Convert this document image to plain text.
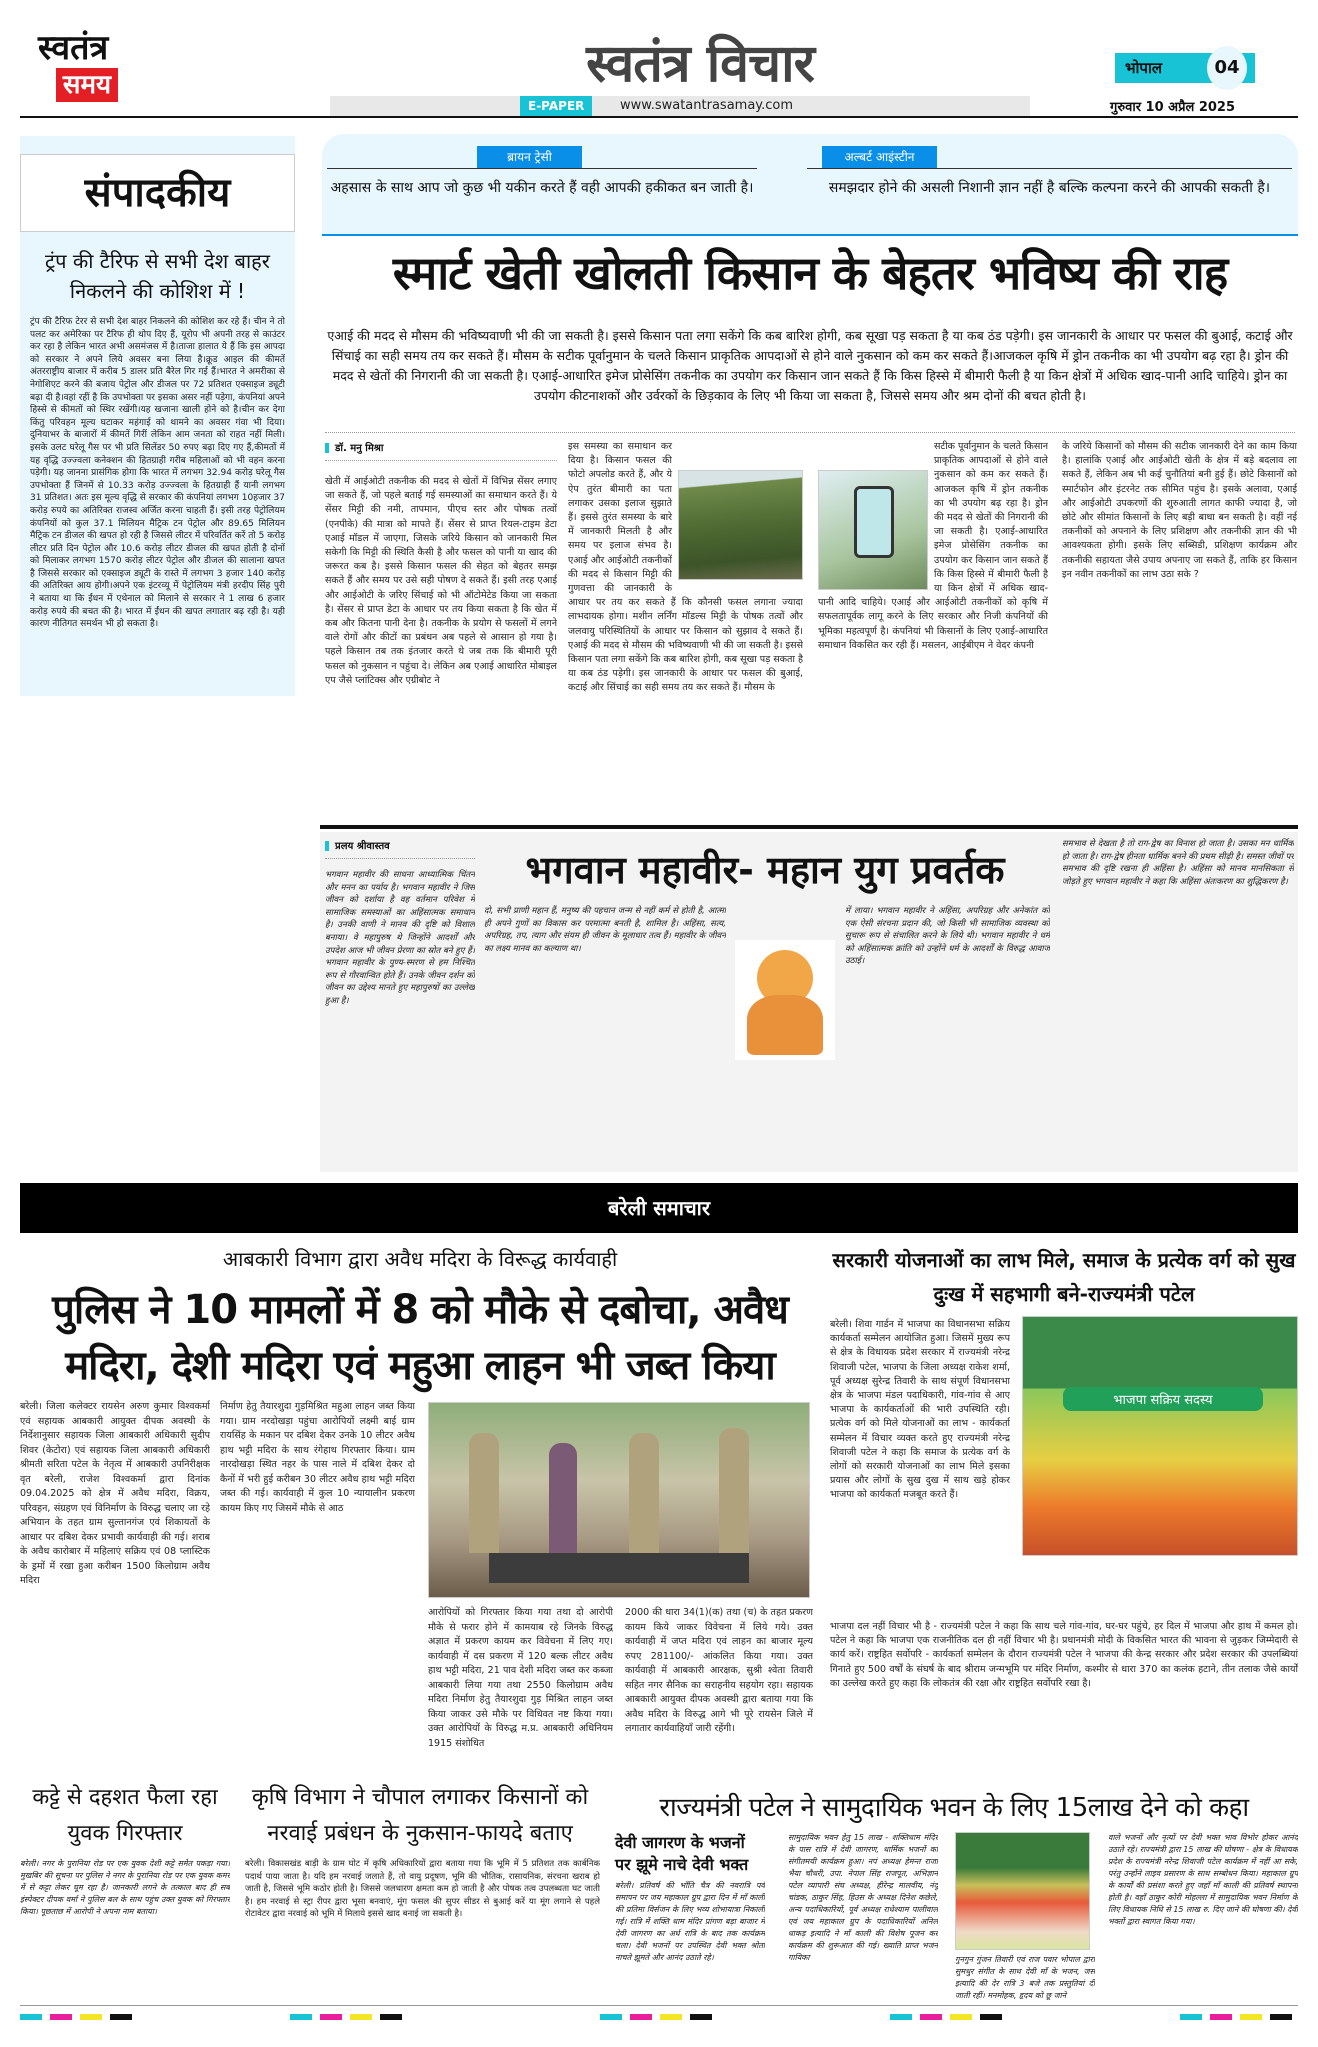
स्वतंत्र
समय	स्वतंत्र विचार
E-PAPER	www.swatantrasamay.com
भोपाल	04
गुरुवार 10 अप्रैल 2025
संपादकीय
ट्रंप की टैरिफ से सभी देश बाहर निकलने की कोशिश में !

ट्रंप की टैरिफ टेरर से सभी देश बाहर निकलने की कोशिश कर रहे हैं। चीन ने तो पलट कर अमेरिका पर टैरिफ ही थोप दिए हैं, यूरोप भी अपनी तरह से काउंटर कर रहा है लेकिन भारत अभी असमंजस में है।ताजा हालात ये हैं कि इस आपदा को सरकार ने अपने लिये अवसर बना लिया है।क्रूड आइल की कीमतें अंतरराष्ट्रीय बाजार में करीब 5 डालर प्रति बैरेल गिर गई हैं।भारत ने अमरीका से नेगोशिएट करने की बजाय पेट्रोल और डीजल पर 72 प्रतिशत एक्साइज ड्यूटी बढ़ा दी है।वहां रहीं है कि उपभोक्ता पर इसका असर नहीं पड़ेगा, कंपनियां अपने हिस्से से कीमतों को स्थिर रखेंगी।यह खजाना खाली होने को है।चीन कर देगा किंतु परिवहन मूल्य घटाकर महंगाई को थामने का अवसर गंवा भी दिया।दुनियाभर के बाजारों में कीमतें गिरीं लेकिन आम जनता को राहत नहीं मिली।इसके उलट घरेलू गैस पर भी प्रति सिलेंडर 50 रुपए बढ़ा दिए गए हैं,कीमतों में यह वृद्धि उज्ज्वला कनेक्शन की हितग्राही गरीब महिलाओं को भी वहन करना पड़ेगी। यह जानना प्रासंगिक होगा कि भारत में लगभग 32.94 करोड़ घरेलू गैस उपभोक्ता हैं जिनमें से 10.33 करोड़ उज्ज्वला के हितग्राही हैं यानी लगभग 31 प्रतिशत। अतः इस मूल्य वृद्धि से सरकार की कंपनियां लगभग 10हजार 37 करोड़ रुपये का अतिरिक्त राजस्व अर्जित करना चाहती हैं। इसी तरह पेट्रोलियम कंपनियों को कुल 37.1 मिलियन मैट्रिक टन पेट्रोल और 89.65 मिलियन मैट्रिक टन डीजल की खपत हो रही है जिससे लीटर में परिवर्तित करें तो 5 करोड़ लीटर प्रति दिन पेट्रोल और 10.6 करोड़ लीटर डीजल की खपत होती है दोनों को मिलाकर लगभग 1570 करोड़ लीटर पेट्रोल और डीजल की सालाना खपत है जिससे सरकार को एक्साइज ड्यूटी के रास्ते में लगभग 3 हजार 140 करोड़ की अतिरिक्त आय होगी।अपने एक इंटरव्यू में पेट्रोलियम मंत्री हरदीप सिंह पुरी ने बताया था कि ईंधन में एथेनाल को मिलाने से सरकार ने 1 लाख 6 हजार करोड़ रुपये की बचत की है। भारत में ईंधन की खपत लगातार बढ़ रही है। यही कारण नीतिगत समर्थन भी हो सकता है।

ब्रायन ट्रेसी
अहसास के साथ आप जो कुछ भी यकीन करते हैं वही आपकी हकीकत बन जाती है।
अल्बर्ट आइंस्टीन
समझदार होने की असली निशानी ज्ञान नहीं है बल्कि कल्पना करने की आपकी सकती है।
स्मार्ट खेती खोलती किसान के बेहतर भविष्य की राह
एआई की मदद से मौसम की भविष्यवाणी भी की जा सकती है। इससे किसान पता लगा सकेंगे कि कब बारिश होगी, कब सूखा पड़ सकता है या कब ठंड पड़ेगी। इस जानकारी के आधार पर फसल की बुआई, कटाई और सिंचाई का सही समय तय कर सकते हैं। मौसम के सटीक पूर्वानुमान के चलते किसान प्राकृतिक आपदाओं से होने वाले नुकसान को कम कर सकते हैं।आजकल कृषि में ड्रोन तकनीक का भी उपयोग बढ़ रहा है। ड्रोन की मदद से खेतों की निगरानी की जा सकती है। एआई-आधारित इमेज प्रोसेसिंग तकनीक का उपयोग कर किसान जान सकते हैं कि किस हिस्से में बीमारी फैली है या किन क्षेत्रों में अधिक खाद-पानी आदि चाहिये। ड्रोन का उपयोग कीटनाशकों और उर्वरकों के छिड़काव के लिए भी किया जा सकता है, जिससे समय और श्रम दोनों की बचत होती है।
डॉ. मनु मिश्रा

खेती में आईओटी तकनीक की मदद से खेतों में विभिन्न सेंसर लगाए जा सकते हैं, जो पहले बताई गई समस्याओं का समाधान करते हैं। ये सेंसर मिट्टी की नमी, तापमान, पीएच स्तर और पोषक तत्वों (एनपीके) की मात्रा को मापते हैं। सेंसर से प्राप्त रियल-टाइम डेटा एआई मॉडल में जाएगा, जिसके जरिये किसान को जानकारी मिल सकेगी कि मिट्टी की स्थिति कैसी है और फसल को पानी या खाद की जरूरत कब है। इससे किसान फसल की सेहत को बेहतर समझ सकते हैं और समय पर उसे सही पोषण दे सकते हैं। इसी तरह एआई और आईओटी के जरिए सिंचाई को भी ऑटोमेटेड किया जा सकता है। सेंसर से प्राप्त डेटा के आधार पर तय किया सकता है कि खेत में कब और कितना पानी देना है। तकनीक के प्रयोग से फसलों में लगने वाले रोगों और कीटों का प्रबंधन अब पहले से आसान हो गया है। पहले किसान तब तक इंतजार करते थे जब तक कि बीमारी पूरी फसल को नुकसान न पहुंचा दे। लेकिन अब एआई आधारित मोबाइल एप जैसे प्लांटिक्स और एग्रीबोट ने

इस समस्या का समाधान कर दिया है। किसान फसल की फोटो अपलोड करते हैं, और ये ऐप तुरंत बीमारी का पता लगाकर उसका इलाज सुझाते हैं। इससे तुरंत समस्या के बारे में जानकारी मिलती है और समय पर इलाज संभव है।एआई और आईओटी तकनीकों की मदद से किसान मिट्टी की गुणवत्ता की जानकारी के आधार पर तय कर सकते हैं कि कौनसी फसल लगाना ज्यादा लाभदायक होगा। मशीन लर्निंग मॉडल्स मिट्टी के पोषक तत्वों और जलवायु परिस्थितियों के आधार पर किसान को सुझाव दे सकते हैं। एआई की मदद से मौसम की भविष्यवाणी भी की जा सकती है। इससे किसान पता लगा सकेंगे कि कब बारिश होगी, कब सूखा पड़ सकता है या कब ठंड पड़ेगी। इस जानकारी के आधार पर फसल की बुआई, कटाई और सिंचाई का सही समय तय कर सकते हैं। मौसम के

सटीक पूर्वानुमान के चलते किसान प्राकृतिक आपदाओं से होने वाले नुकसान को कम कर सकते हैं। आजकल कृषि में ड्रोन तकनीक का भी उपयोग बढ़ रहा है। ड्रोन की मदद से खेतों की निगरानी की जा सकती है। एआई-आधारित इमेज प्रोसेसिंग तकनीक का उपयोग कर किसान जान सकते हैं कि किस हिस्से में बीमारी फैली है या किन क्षेत्रों में अधिक खाद-पानी आदि चाहिये। एआई और आईओटी तकनीकों को कृषि में सफलतापूर्वक लागू करने के लिए सरकार और निजी कंपनियों की भूमिका महत्वपूर्ण है। कंपनियां भी किसानों के लिए एआई-आधारित समाधान विकसित कर रही हैं। मसलन, आईबीएम ने वेदर कंपनी

के जरिये किसानों को मौसम की सटीक जानकारी देने का काम किया है। हालांकि एआई और आईओटी खेती के क्षेत्र में बड़े बदलाव ला सकते हैं, लेकिन अब भी कई चुनौतियां बनी हुई हैं। छोटे किसानों को स्मार्टफोन और इंटरनेट तक सीमित पहुंच है। इसके अलावा, एआई और आईओटी उपकरणों की शुरुआती लागत काफी ज्यादा है, जो छोटे और सीमांत किसानों के लिए बड़ी बाधा बन सकती है। वहीं नई तकनीकों को अपनाने के लिए प्रशिक्षण और तकनीकी ज्ञान की भी आवश्यकता होगी। इसके लिए सब्सिडी, प्रशिक्षण कार्यक्रम और तकनीकी सहायता जैसे उपाय अपनाए जा सकते हैं, ताकि हर किसान इन नवीन तकनीकों का लाभ उठा सके ?

प्रलय श्रीवास्तव

भगवान महावीर की साधना आध्यात्मिक चिंतन और मनन का पर्याय है। भगवान महावीर ने जिस जीवन को दर्शाया है वह वर्तमान परिवेश में सामाजिक समस्याओं का अहिंसात्मक समाधान है। उनकी वाणी ने मानव की दृष्टि को विशाल बनाया। वे महापुरुष थे जिन्होंने आदर्शों और उपदेश आज भी जीवन प्रेरणा का स्रोत बने हुए हैं। भगवान महावीर के पुण्य-स्मरण से हम निश्चित रूप से गौरवान्वित होते हैं। उनके जीवन दर्शन को जीवन का उद्देश्य मानते हुए महापुरुषों का उल्लेख हुआ है।

भगवान महावीर- महान युग प्रवर्तक

दो, सभी प्राणी महान हैं, मनुष्य की पहचान जन्म से नहीं कर्म से होती है, आत्मा ही अपने गुणों का विकास कर परमात्मा बनती है, शामिल है। अहिंसा, सत्य, अपरिग्रह, तप, त्याग और संयम ही जीवन के मूलाधार तत्व हैं। महावीर के जीवन का लक्ष्य मानव का कल्याण था।

में लाया। भगवान महावीर ने अहिंसा, अपरिग्रह और अनेकांत को एक ऐसी संरचना प्रदान की, जो किसी भी सामाजिक व्यवस्था को सुचारू रूप से संचालित करने के लिये थी। भगवान महावीर ने धर्म को अहिंसात्मक क्रांति को उन्होंने धर्म के आदर्शों के विरुद्ध आवाज उठाई।

समभाव से देखता है तो राग-द्वेष का विनाश हो जाता है। उसका मन धार्मिक हो जाता है। राग-द्वेष हीनता धार्मिक बनने की प्रथम सीढ़ी है। समस्त जीवों पर समभाव की दृष्टि रखना ही अहिंसा है। अहिंसा को मानव मानसिकता से जोड़ते हुए भगवान महावीर ने कहा कि अहिंसा अंतःकरण का शुद्धिकरण है।

बरेली समाचार
आबकारी विभाग द्वारा अवैध मदिरा के विरूद्ध कार्यवाही
पुलिस ने 10 मामलों में 8 को मौके से दबोचा, अवैध मदिरा, देशी मदिरा एवं महुआ लाहन भी जब्त किया

बरेली। जिला कलेक्टर रायसेन अरुण कुमार विश्वकर्मा एवं सहायक आबकारी आयुक्त दीपक अवस्थी के निर्देशानुसार सहायक जिला आबकारी अधिकारी सुदीप शिवर (केटोरा) एवं सहायक जिला आबकारी अधिकारी श्रीमती सरिता पटेल के नेतृत्व में आबकारी उपनिरीक्षक वृत बरेली, राजेश विश्वकर्मा द्वारा दिनांक 09.04.2025 को क्षेत्र में अवैध मदिरा, विक्रय, परिवहन, संग्रहण एवं विनिर्माण के विरुद्ध चलाए जा रहे अभियान के तहत ग्राम सुल्तानगंज एवं शिकायतों के आधार पर दबिश देकर प्रभावी कार्यवाही की गई। शराब के अवैध कारोबार में महिलाएं सक्रिय एवं 08 प्लास्टिक के ड्रमों में रखा हुआ करीबन 1500 किलोग्राम अवैध मदिरा

निर्माण हेतु तैयारशुदा गुड़मिश्रित महुआ लाहन जब्त किया गया। ग्राम नरदोखड़ा पहुंचा आरोपियों लक्ष्मी बाई ग्राम रायसिंह के मकान पर दबिश देकर उनके 10 लीटर अवैध हाथ भट्टी मदिरा के साथ रंगेहाथ गिरफ्तार किया। ग्राम नारदोखड़ा स्थित नहर के पास नाले में दबिश देकर दो कैनों में भरी हुई करीबन 30 लीटर अवैध हाथ भट्टी मदिरा जब्त की गई। कार्यवाही में कुल 10 न्यायालीन प्रकरण कायम किए गए जिसमें मौके से आठ

आरोपियों को गिरफ्तार किया गया तथा दो आरोपी मौके से फरार होने में कामयाब रहे जिनके विरुद्ध अज्ञात में प्रकरण कायम कर विवेचना में लिए गए। कार्यवाही में दस प्रकरण में 120 बल्क लीटर अवैध हाथ भट्टी मदिरा, 21 पाव देशी मदिरा जब्त कर कब्जा आबकारी लिया गया तथा 2550 किलोग्राम अवैध मदिरा निर्माण हेतु तैयारशुदा गुड़ मिश्रित लाहन जब्त किया जाकर उसे मौके पर विधिवत नष्ट किया गया। उक्त आरोपियों के विरुद्ध म.प्र. आबकारी अधिनियम 1915 संशोधित

2000 की धारा 34(1)(क) तथा (च) के तहत प्रकरण कायम किये जाकर विवेचना में लिये गये। उक्त कार्यवाही में जप्त मदिरा एवं लाहन का बाजार मूल्य रुपए 281100/- आंकलित किया गया। उक्त कार्यवाही में आबकारी आरक्षक, सुश्री श्वेता तिवारी सहित नगर सैनिक का सराहनीय सहयोग रहा। सहायक आबकारी आयुक्त दीपक अवस्थी द्वारा बताया गया कि अवैध मदिरा के विरुद्ध आगे भी पूरे रायसेन जिले में लगातार कार्यवाहियाँ जारी रहेंगी।

सरकारी योजनाओं का लाभ मिले, समाज के प्रत्येक वर्ग को सुख दुःख में सहभागी बने-राज्यमंत्री पटेल

बरेली। शिवा गार्डन में भाजपा का विधानसभा सक्रिय कार्यकर्ता सम्मेलन आयोजित हुआ। जिसमें मुख्य रूप से क्षेत्र के विधायक प्रदेश सरकार में राज्यमंत्री नरेन्द्र शिवाजी पटेल, भाजपा के जिला अध्यक्ष राकेश शर्मा, पूर्व अध्यक्ष सुरेन्द्र तिवारी के साथ संपूर्ण विधानसभा क्षेत्र के भाजपा मंडल पदाधिकारी, गांव-गांव से आए भाजपा के कार्यकर्ताओं की भारी उपस्थिति रही। प्रत्येक वर्ग को मिले योजनाओं का लाभ - कार्यकर्ता सम्मेलन में विचार व्यक्त करते हुए राज्यमंत्री नरेन्द्र शिवाजी पटेल ने कहा कि समाज के प्रत्येक वर्ग के लोगों को सरकारी योजनाओं का लाभ मिले इसका प्रयास और लोगों के सुख दुख में साथ खड़े होकर भाजपा को कार्यकर्ता मजबूत करते हैं।

भाजपा सक्रिय सदस्य

भाजपा दल नहीं विचार भी है - राज्यमंत्री पटेल ने कहा कि साथ चले गांव-गांव, घर-घर पहुंचे, हर दिल में भाजपा और हाथ में कमल हो। पटेल ने कहा कि भाजपा एक राजनीतिक दल ही नहीं विचार भी है। प्रधानमंत्री मोदी के विकसित भारत की भावना से जुड़कर जिम्मेदारी से कार्य करें। राष्ट्रहित सर्वोपरि - कार्यकर्ता सम्मेलन के दौरान राज्यमंत्री पटेल ने भाजपा की केन्द्र सरकार और प्रदेश सरकार की उपलब्धियां गिनाते हुए 500 वर्षों के संघर्ष के बाद श्रीराम जन्मभूमि पर मंदिर निर्माण, कश्मीर से धारा 370 का कलंक हटाने, तीन तलाक जैसे कार्यों का उल्लेख करते हुए कहा कि लोकतंत्र की रक्षा और राष्ट्रहित सर्वोपरि रखा है।

कट्टे से दहशत फैला रहा युवक गिरफ्तार

बरेली। नगर के पुरानिया रोड पर एक युवक देशी कट्टे समेत पकड़ा गया। मुखबिर की सूचना पर पुलिस ने नगर के पुरानिया रोड पर एक युवक कमर में से कट्टा लेकर घूम रहा है। जानकारी लगने के तत्काल बाद ही सब इंस्पेक्टर दीपक वर्मा ने पुलिस बल के साथ पहुंच उक्त युवक को गिरफ्तार किया। पूछताछ में आरोपी ने अपना नाम बताया।

कृषि विभाग ने चौपाल लगाकर किसानों को नरवाई प्रबंधन के नुकसान-फायदे बताए

बरेली। विकासखंड बाड़ी के ग्राम घोट में कृषि अधिकारियों द्वारा बताया गया कि भूमि में 5 प्रतिशत तक कार्बनिक पदार्थ पाया जाता है। यदि हम नरवाई जलाते हैं, तो वायु प्रदूषण, भूमि की भौतिक, रासायनिक, संरचना खराब हो जाती है, जिससे भूमि कठोर होती है। जिससे जलधारण क्षमता कम हो जाती है और पोषक तत्व उपलब्धता घट जाती है। हम नरवाई से स्ट्रा रीपर द्वारा भूसा बनवाएं, मूंग फसल की सुपर सीडर से बुआई करें या मूंग लगाने से पहले रोटावेटर द्वारा नरवाई को भूमि में मिलाये इससे खाद बनाई जा सकती है।

राज्यमंत्री पटेल ने सामुदायिक भवन के लिए 15लाख देने को कहा
देवी जागरण के भजनों पर झूमे नाचे देवी भक्त

बरेली। प्रतिवर्ष की भाँति चैत्र की नवरात्रि पर्व समापन पर जय महाकाल ग्रुप द्वारा दिन में माँ काली की प्रतिमा विर्सजन के लिए भव्य शोभायात्रा निकाली गई। रात्रि में शक्ति धाम मंदिर प्रांगण बड़ा बाजार में देवी जागरण का अर्ध रात्रि के बाद तक कार्यक्रम चला। देवी भजनों पर उपस्थित देवी भक्त श्रोता नाचते झूमते और आनंद उठाते रहे।

सामुदायिक भवन हेतु 15 लाख - शक्तिधाम मंदिर के पास रात्रि में देवी जागरण, धार्मिक भजनों का संगीतमयी कार्यक्रम हुआ। नपं अध्यक्ष हेमन्त राजा भैया चौधरी, उपा. नेपाल सिंह राजपूत, अभिज्ञान पटेल व्यापारी संघ अध्यक्ष, हीरेन्द्र मालवीय, नंदू चांडक, ठाकुर सिंह, हिउस के अध्यक्ष दिनेश कछेले, अन्य पदाधिकारियों, पूर्व अध्यक्ष राधेश्याम पालीवाल एवं जय महाकाल ग्रुप के पदाधिकारियों अनिल धाकड़ इत्यादि ने माँ काली की विशेष पूजन कर कार्यक्रम की शुरूआत की गई। ख्याति प्राप्त भजन गायिका	गुनगुन गुंजन तिवारी एवं राज पवार भोपाल द्वारा सुमधुर संगीत के साथ देवी माँ के भजन, जस इत्यादि की देर रात्रि 3 बजे तक प्रस्तुतियां दी जाती रहीं। मनमोहक, हृदय को छू जाने

वाले भजनों और नृत्यों पर देवी भक्त भाव विभोर होकर आनंद उठाते रहे। राज्यमंत्री द्वारा 15 लाख की घोषणा - क्षेत्र के विधायक प्रदेश के राज्यमंत्री नरेन्द्र शिवाजी पटेल कार्यक्रम में नहीं आ सके, परंतु उन्होंने लाइव प्रसारण के साथ सम्बोधन किया। महाकाल ग्रुप के कार्यों की प्रसंशा करते हुए जहाँ माँ काली की प्रतिवर्ष स्थापना होती है। वहाँ ठाकुर कोरी मोहल्ला में सामुदायिक भवन निर्माण के लिए विधायक निधि से 15 लाख रु. दिए जाने की घोषणा की। देवी भक्तों द्वारा स्वागत किया गया।
